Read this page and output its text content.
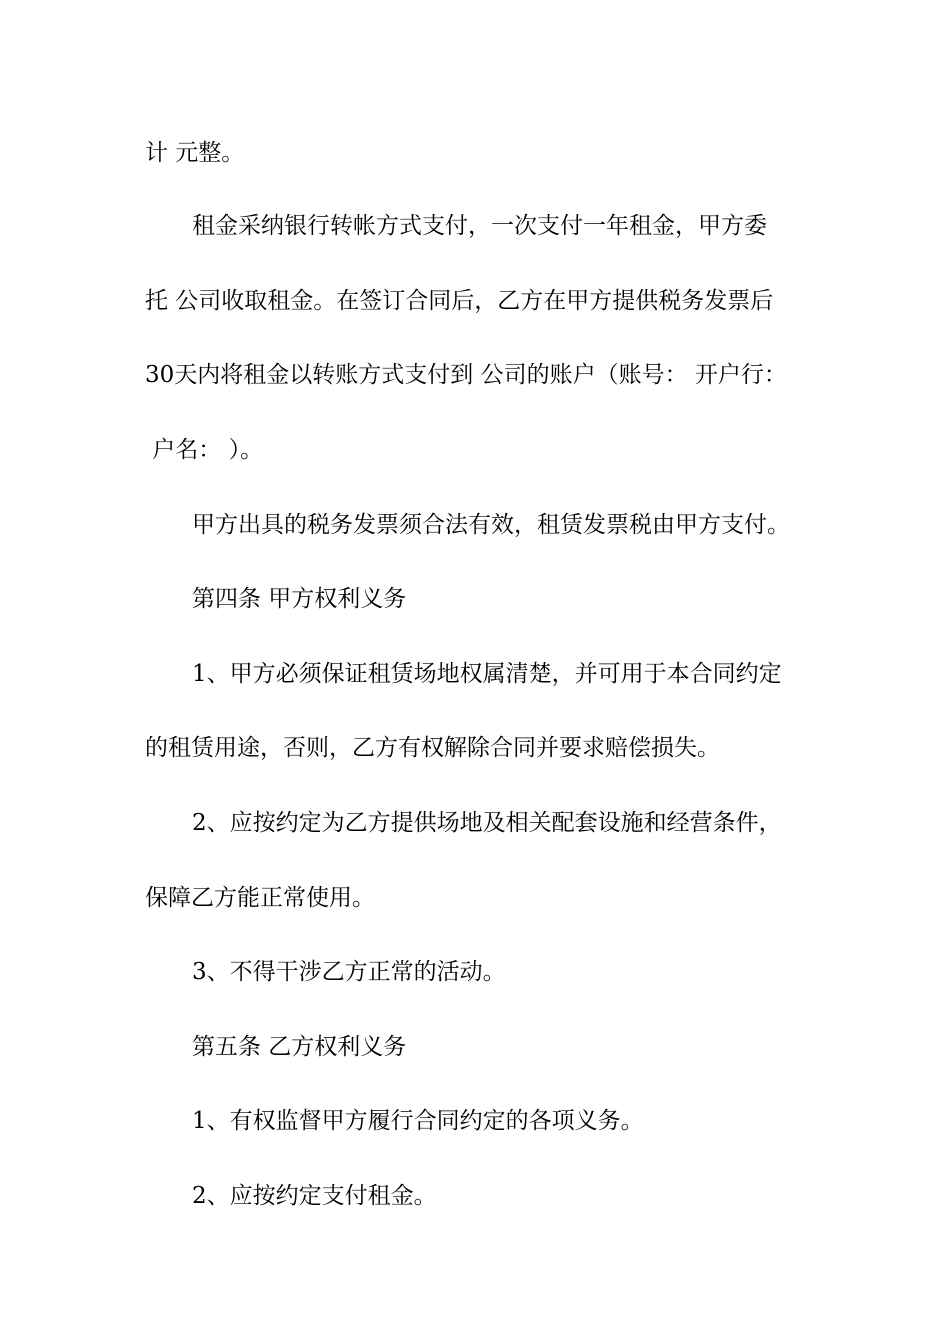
计 元整。
租金采纳银行转帐方式支付，一次支付一年租金，甲方委
托 公司收取租金。在签订合同后，乙方在甲方提供税务发票后
30天内将租金以转账方式支付到 公司的账户（账号： 开户行：
户名： ）。
甲方出具的税务发票须合法有效，租赁发票税由甲方支付。
第四条 甲方权利义务
1、甲方必须保证租赁场地权属清楚，并可用于本合同约定
的租赁用途，否则，乙方有权解除合同并要求赔偿损失。
2、应按约定为乙方提供场地及相关配套设施和经营条件，
保障乙方能正常使用。
3、不得干涉乙方正常的活动。
第五条 乙方权利义务
1、有权监督甲方履行合同约定的各项义务。
2、应按约定支付租金。
